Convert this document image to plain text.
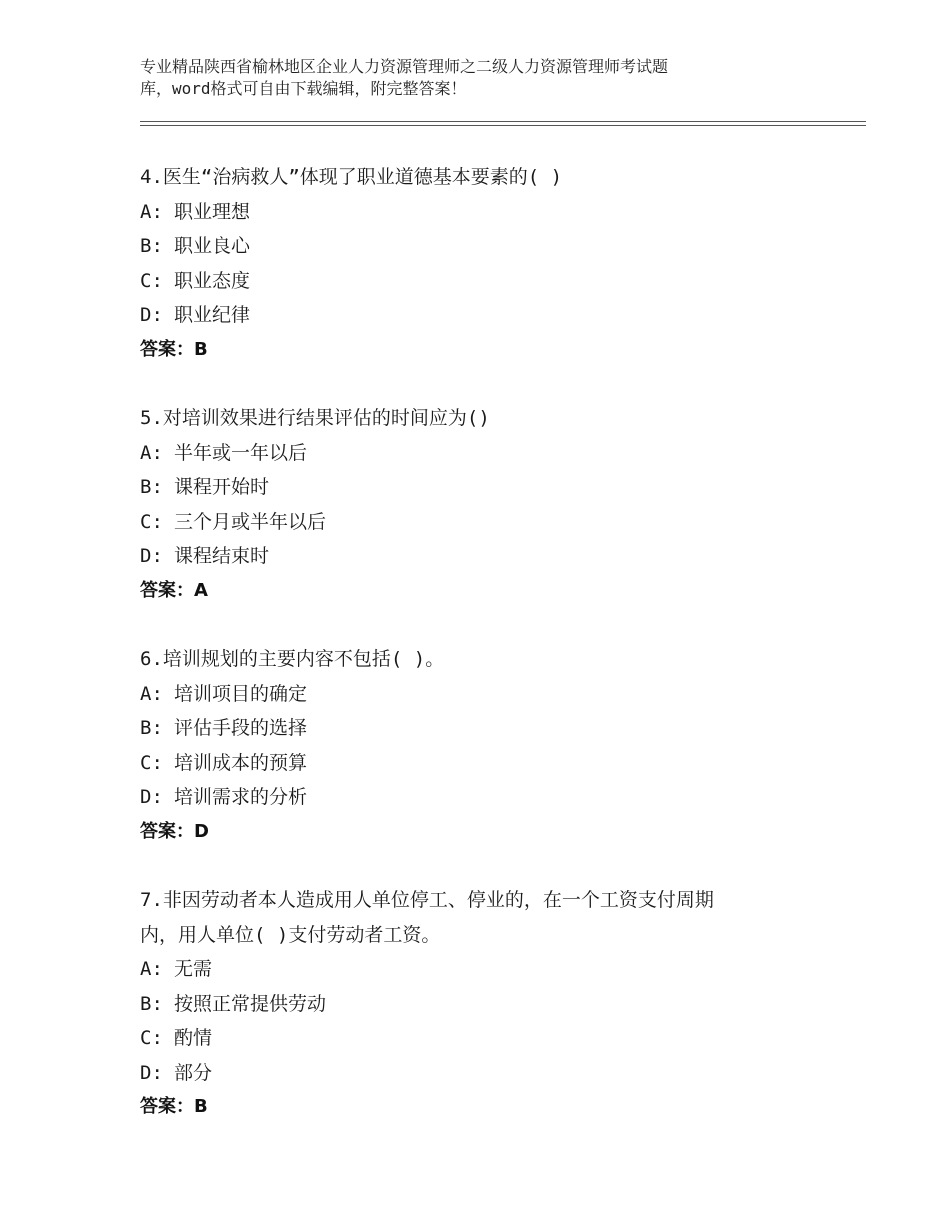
专业精品陕西省榆林地区企业人力资源管理师之二级人力资源管理师考试题
库，word格式可自由下载编辑，附完整答案！

4.医生“治病救人”体现了职业道德基本要素的( )

A: 职业理想

B: 职业良心

C: 职业态度

D: 职业纪律

答案：B

5.对培训效果进行结果评估的时间应为()

A: 半年或一年以后

B: 课程开始时

C: 三个月或半年以后

D: 课程结束时

答案：A

6.培训规划的主要内容不包括( )。

A: 培训项目的确定

B: 评估手段的选择

C: 培训成本的预算

D: 培训需求的分析

答案：D

7.非因劳动者本人造成用人单位停工、停业的，在一个工资支付周期
内，用人单位( )支付劳动者工资。

A: 无需

B: 按照正常提供劳动

C: 酌情

D: 部分

答案：B
